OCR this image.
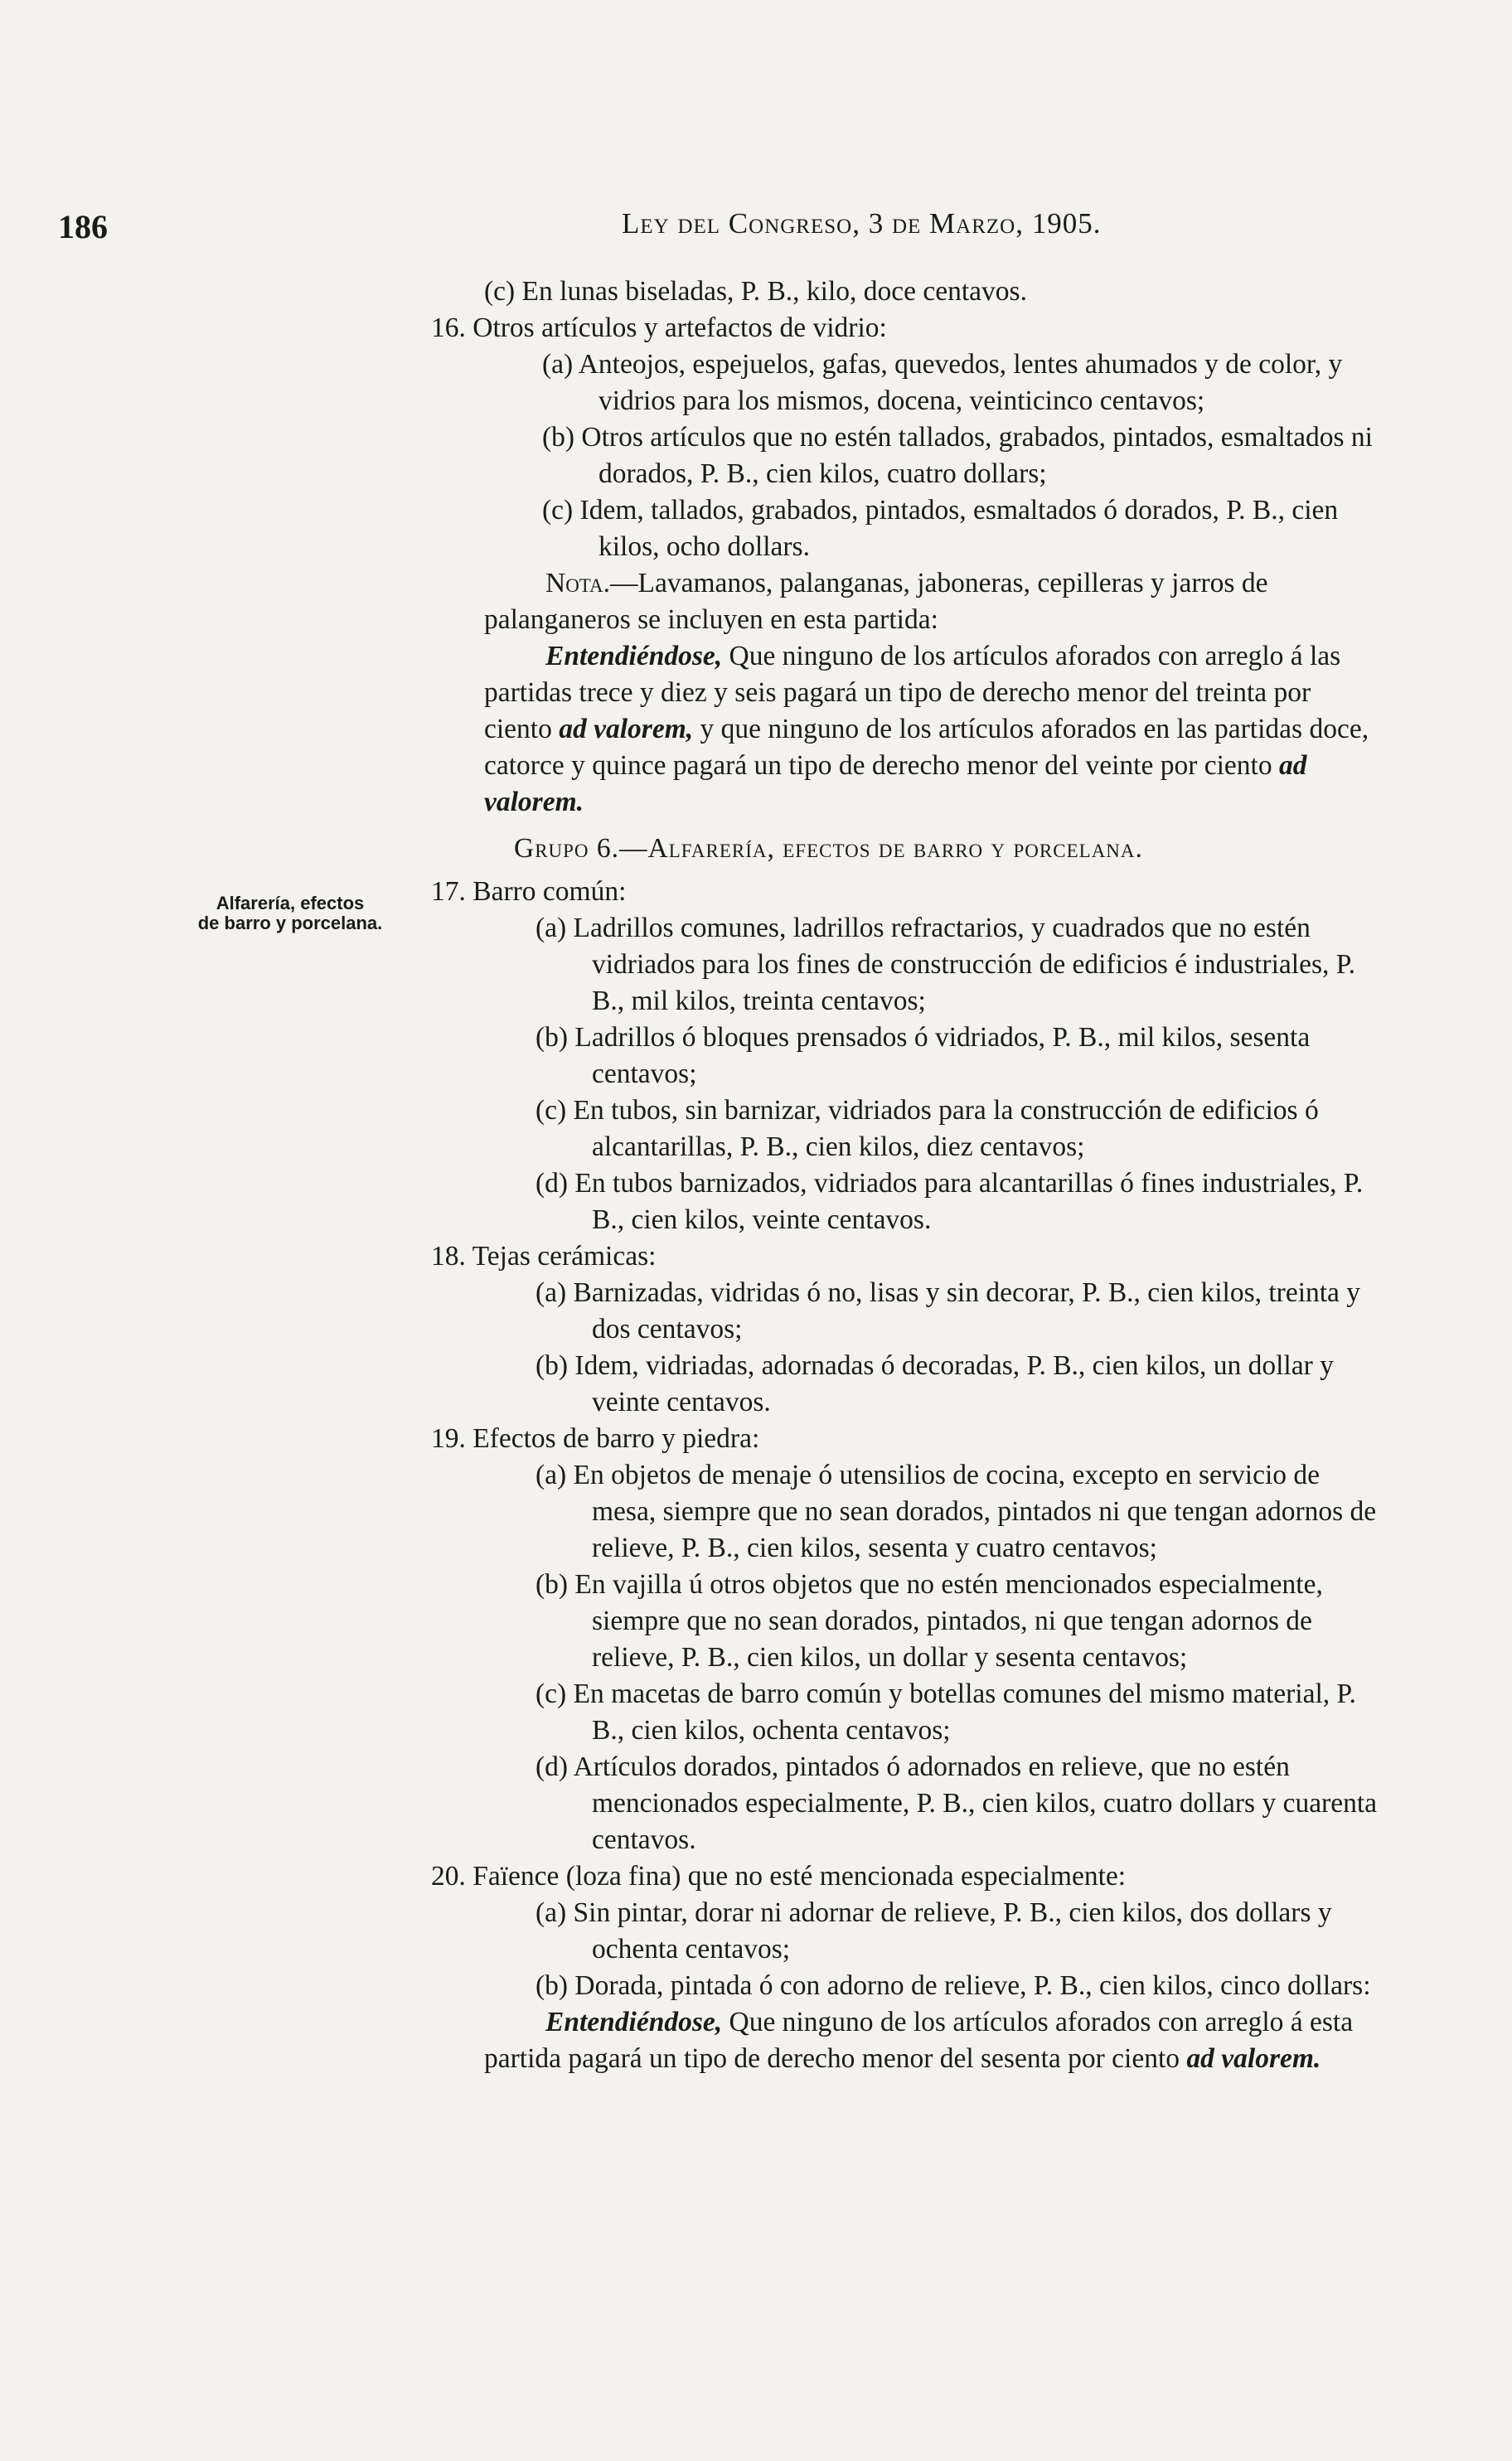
186	Ley del Congreso, 3 de Marzo, 1905.
Alfarería, efectos
de barro y porcelana.

(c) En lunas biseladas, P. B., kilo, doce centavos.

16. Otros artículos y artefactos de vidrio:

(a) Anteojos, espejuelos, gafas, quevedos, lentes ahumados y de color, y vidrios para los mismos, docena, veinticinco centavos;

(b) Otros artículos que no estén tallados, grabados, pintados, esmaltados ni dorados, P. B., cien kilos, cuatro dollars;

(c) Idem, tallados, grabados, pintados, esmaltados ó dorados, P. B., cien kilos, ocho dollars.

Nota.—Lavamanos, palanganas, jaboneras, cepilleras y jarros de palanganeros se incluyen en esta partida:

Entendiéndose, Que ninguno de los artículos aforados con arreglo á las partidas trece y diez y seis pagará un tipo de derecho menor del treinta por ciento ad valorem, y que ninguno de los artículos aforados en las partidas doce, catorce y quince pagará un tipo de derecho menor del veinte por ciento ad valorem.

Grupo 6.—Alfarería, efectos de barro y porcelana.

17. Barro común:

(a) Ladrillos comunes, ladrillos refractarios, y cuadrados que no estén vidriados para los fines de construcción de edificios é industriales, P. B., mil kilos, treinta centavos;

(b) Ladrillos ó bloques prensados ó vidriados, P. B., mil kilos, sesenta centavos;

(c) En tubos, sin barnizar, vidriados para la construcción de edificios ó alcantarillas, P. B., cien kilos, diez centavos;

(d) En tubos barnizados, vidriados para alcantarillas ó fines industriales, P. B., cien kilos, veinte centavos.

18. Tejas cerámicas:

(a) Barnizadas, vidridas ó no, lisas y sin decorar, P. B., cien kilos, treinta y dos centavos;

(b) Idem, vidriadas, adornadas ó decoradas, P. B., cien kilos, un dollar y veinte centavos.

19. Efectos de barro y piedra:

(a) En objetos de menaje ó utensilios de cocina, excepto en servicio de mesa, siempre que no sean dorados, pintados ni que tengan adornos de relieve, P. B., cien kilos, sesenta y cuatro centavos;

(b) En vajilla ú otros objetos que no estén mencionados especialmente, siempre que no sean dorados, pintados, ni que tengan adornos de relieve, P. B., cien kilos, un dollar y sesenta centavos;

(c) En macetas de barro común y botellas comunes del mismo material, P. B., cien kilos, ochenta centavos;

(d) Artículos dorados, pintados ó adornados en relieve, que no estén mencionados especialmente, P. B., cien kilos, cuatro dollars y cuarenta centavos.

20. Faïence (loza fina) que no esté mencionada especialmente:

(a) Sin pintar, dorar ni adornar de relieve, P. B., cien kilos, dos dollars y ochenta centavos;

(b) Dorada, pintada ó con adorno de relieve, P. B., cien kilos, cinco dollars:

Entendiéndose, Que ninguno de los artículos aforados con arreglo á esta partida pagará un tipo de derecho menor del sesenta por ciento ad valorem.
